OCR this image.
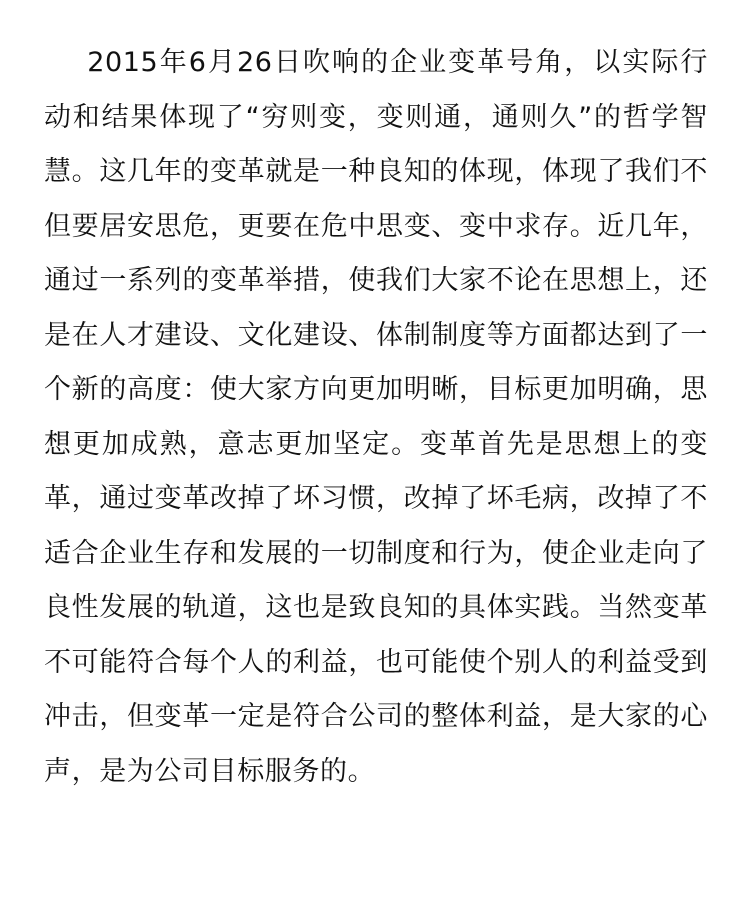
2015年6月26日吹响的企业变革号角，以实际行动和结果体现了“穷则变，变则通，通则久”的哲学智慧。这几年的变革就是一种良知的体现，体现了我们不但要居安思危，更要在危中思变、变中求存。近几年，通过一系列的变革举措，使我们大家不论在思想上，还是在人才建设、文化建设、体制制度等方面都达到了一个新的高度：使大家方向更加明晰，目标更加明确，思想更加成熟，意志更加坚定。变革首先是思想上的变革，通过变革改掉了坏习惯，改掉了坏毛病，改掉了不适合企业生存和发展的一切制度和行为，使企业走向了良性发展的轨道，这也是致良知的具体实践。当然变革不可能符合每个人的利益，也可能使个别人的利益受到冲击，但变革一定是符合公司的整体利益，是大家的心声，是为公司目标服务的。
